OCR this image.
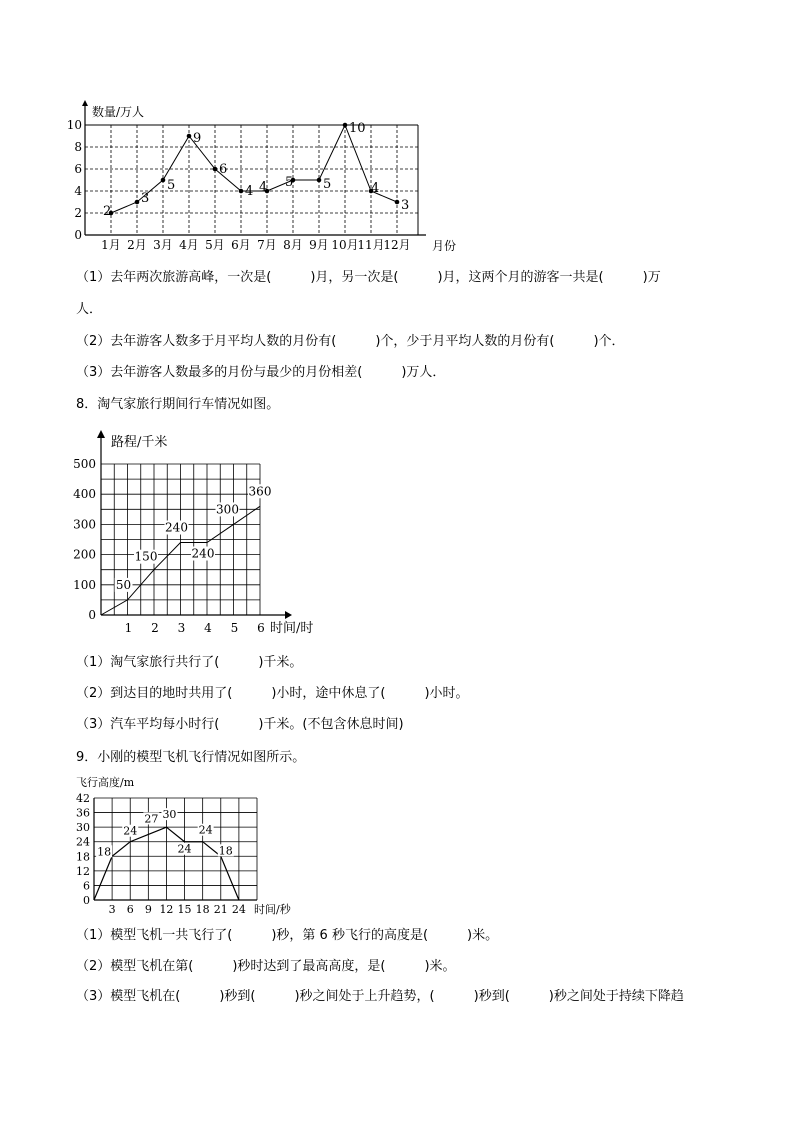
0
2
4
6
8
10
1月 2月 3月 4月 5月 6月 7月 8月 9月 10月
11月
12月
数量/万人
月份
2
3
5
9
6
4 4 5 5
10
4
3

（1）去年两次旅游高峰，一次是(　　　)月，另一次是(　　　)月，这两个月的游客一共是(　　　)万

人．

（2）去年游客人数多于月平均人数的月份有(　　　)个，少于月平均人数的月份有(　　　)个．

（3）去年游客人数最多的月份与最少的月份相差(　　　)万人．

8．淘气家旅行期间行车情况如图。

0
100
200
300
400
500
1 2 3 4 5 6
路程/千米
时间/时
50
150
240
240
300
360

（1）淘气家旅行共行了(　　　)千米。

（2）到达目的地时共用了(　　　)小时，途中休息了(　　　)小时。

（3）汽车平均每小时行(　　　)千米。(不包含休息时间)

9．小刚的模型飞机飞行情况如图所示。

0
6
12
18
24
30
36
42
3 6 9 12 15 18 21 24
飞行高度/m
时间/秒
18
24
27 30
24
24
18

（1）模型飞机一共飞行了(　　　)秒，第 6 秒飞行的高度是(　　　)米。

（2）模型飞机在第(　　　)秒时达到了最高高度，是(　　　)米。

（3）模型飞机在(　　　)秒到(　　　)秒之间处于上升趋势，(　　　)秒到(　　　)秒之间处于持续下降趋
